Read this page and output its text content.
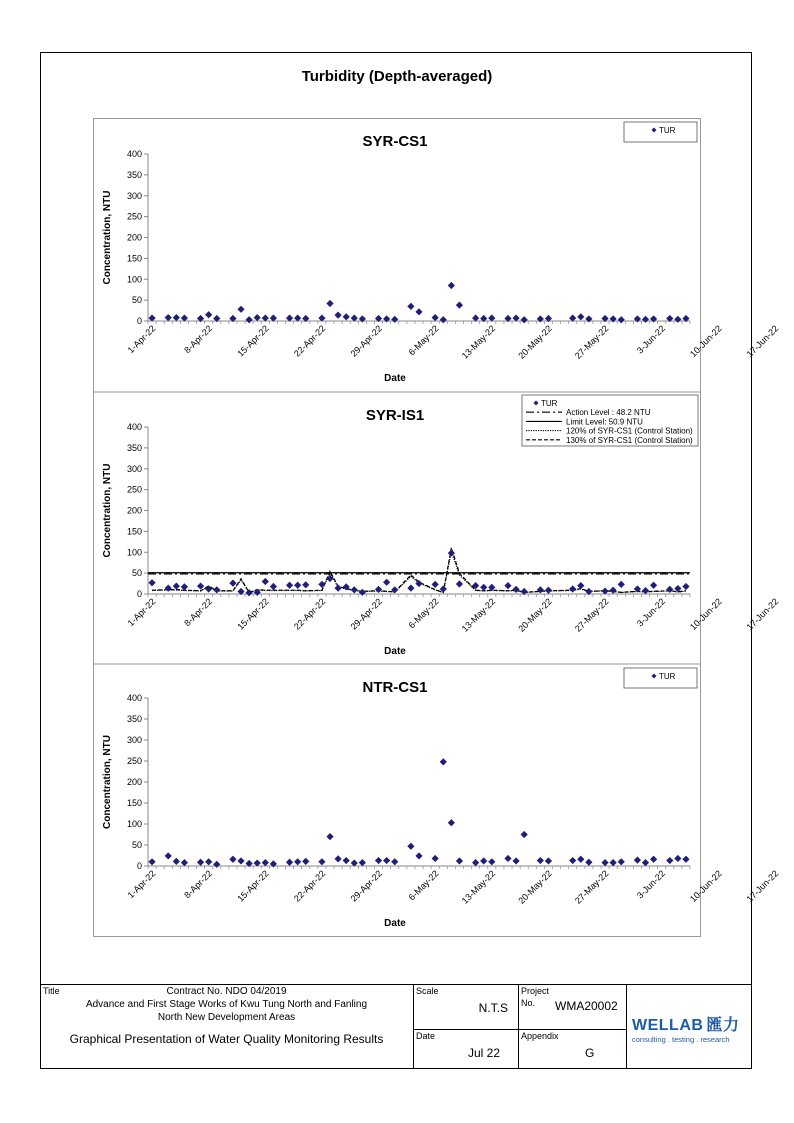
Turbidity (Depth-averaged)
SYR-CS1
0
50
100
150
200
250
300
350
400
Concentration, NTU
1-Apr-22	8-Apr-22 15-Apr-22 22-Apr-22 29-Apr-22	6-May-22 13-May-22 20-May-22 27-May-22	3-Jun-22 10-Jun-22 17-Jun-22
Date
TUR
SYR-IS1
0
50
100
150
200
250
300
350
400
Concentration, NTU
1-Apr-22	8-Apr-22 15-Apr-22 22-Apr-22 29-Apr-22	6-May-22 13-May-22 20-May-22 27-May-22	3-Jun-22 10-Jun-22 17-Jun-22
Date
TUR
Action Level : 48.2 NTU
Limit Level: 50.9 NTU
120% of SYR-CS1 (Control Station)
130% of SYR-CS1 (Control Station)
NTR-CS1
0
50
100
150
200
250
300
350
400
Concentration, NTU
1-Apr-22	8-Apr-22 15-Apr-22 22-Apr-22 29-Apr-22	6-May-22 13-May-22 20-May-22 27-May-22	3-Jun-22 10-Jun-22 17-Jun-22
Date
TUR
Title	Contract No. NDO 04/2019
Advance and First Stage Works of Kwu Tung North and Fanling
North New Development Areas
Graphical Presentation of Water Quality Monitoring Results
Scale
N.T.S
Date
Jul 22
Project
No. WMA20002
Appendix
G
WELLAB 匯力
consulting . testing . research
